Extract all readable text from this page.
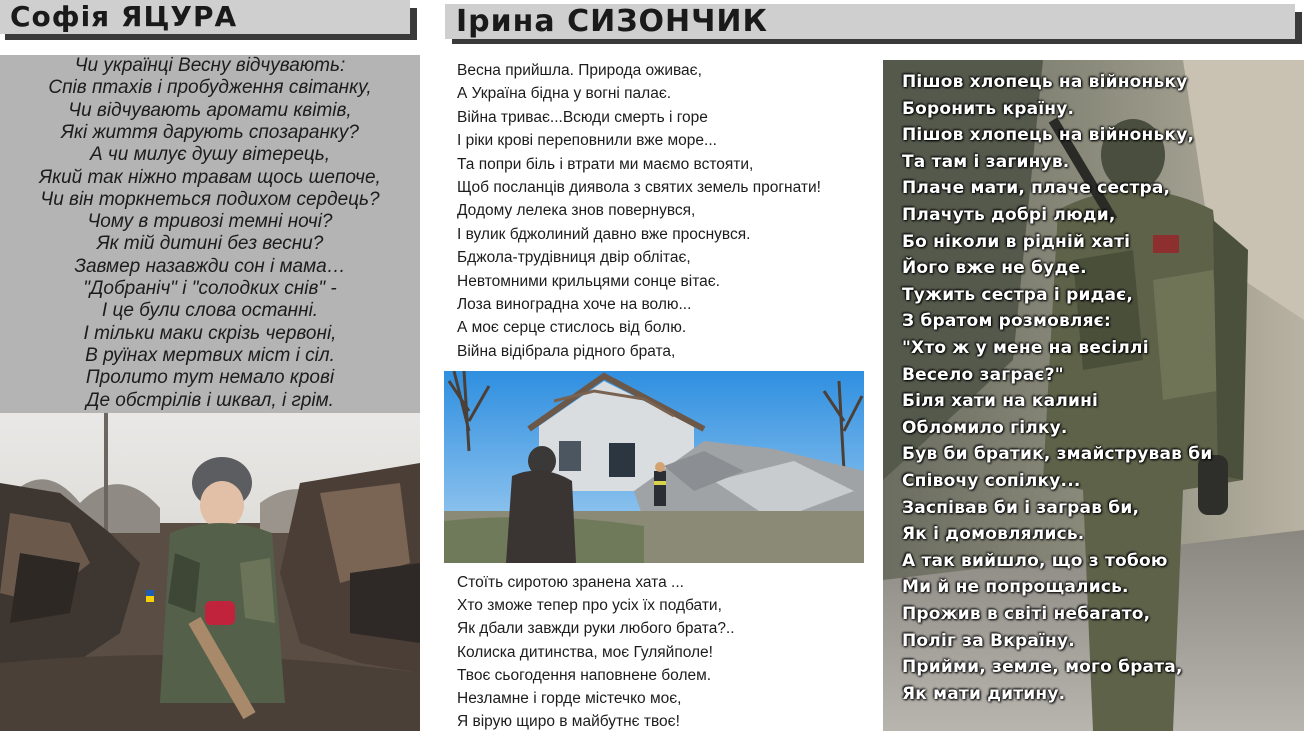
Софія ЯЦУРА	Ірина СИЗОНЧИК
Чи українці Весну відчувають:
Спів птахів і пробудження світанку,
Чи відчувають аромати квітів,
Які життя дарують спозаранку?
А чи милує душу вітерець,
Який так ніжно травам щось шепоче,
Чи він торкнеться подихом сердець?
Чому в тривозі темні ночі?
Як тій дитині без весни?
Завмер назавжди сон і мама…
"Добраніч" і "солодких снів" -
І це були слова останні.
І тільки маки скрізь червоні,
В руїнах мертвих міст і сіл.
Пролито тут немало крові
Де обстрілів і шквал, і грім.
Весна прийшла. Природа оживає,
А Україна бідна у вогні палає.
Війна триває...Всюди смерть і горе
І ріки крові переповнили вже море...
Та попри біль і втрати ми маємо встояти,
Щоб посланців диявола з святих земель прогнати!
Додому лелека знов повернувся,
І вулик бджолиний давно вже проснувся.
Бджола-трудівниця двір облітає,
Невтомними крильцями сонце вітає.
Лоза виноградна хоче на волю...
А моє серце стислось від болю.
Війна відібрала рідного брата,
Стоїть сиротою зранена хата ...
Хто зможе тепер про усіх їх подбати,
Як дбали завжди руки любого брата?..
Колиска дитинства, моє Гуляйполе!
Твоє сьогодення наповнене болем.
Незламне і горде містечко моє,
Я вірую щиро в майбутнє твоє!
Пішов хлопець на війноньку
Боронить країну.
Пішов хлопець на війноньку,
Та там і загинув.
Плаче мати, плаче сестра,
Плачуть добрі люди,
Бо ніколи в рідній хаті
Його вже не буде.
Тужить сестра і ридає,
З братом розмовляє:
"Хто ж у мене на весіллі
Весело заграє?"
Біля хати на калині
Обломило гілку.
Був би братик, змайстрував би
Співочу сопілку...
Заспівав би і заграв би,
Як і домовлялись.
А так вийшло, що з тобою
Ми й не попрощались.
Прожив в світі небагато,
Поліг за Вкраїну.
Прийми, земле, мого брата,
Як мати дитину.
